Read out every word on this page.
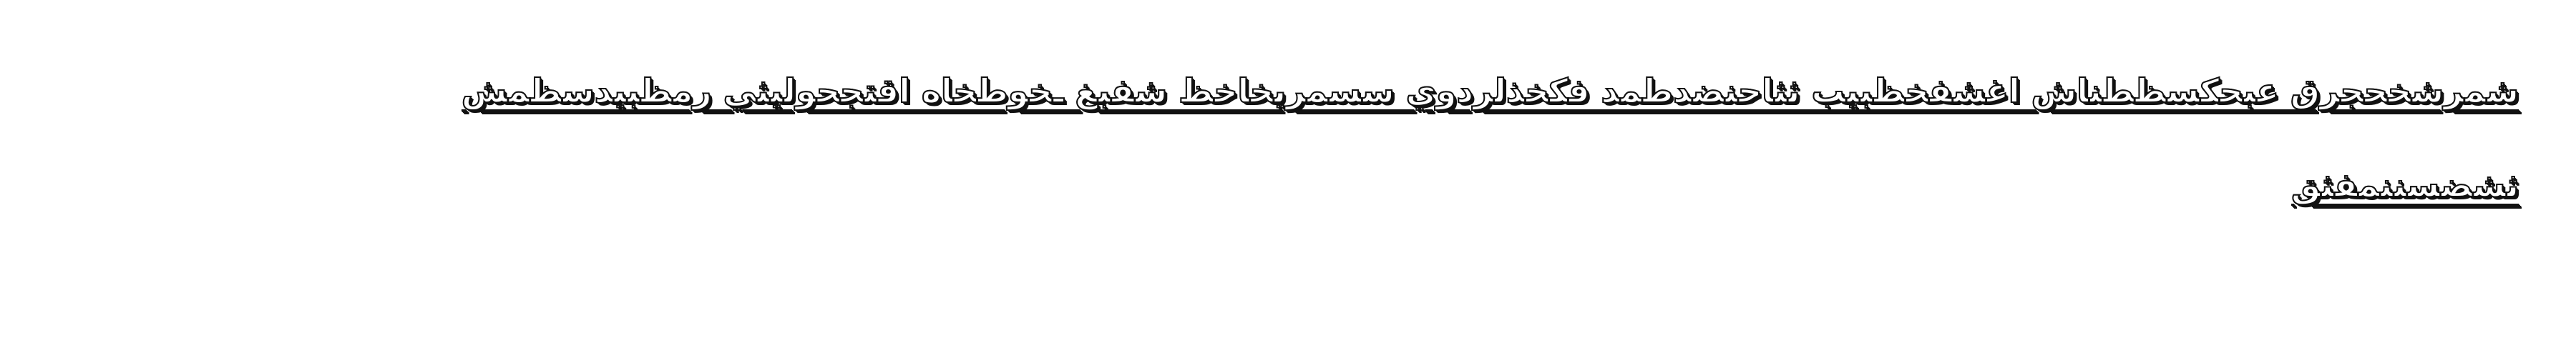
شمرشخحجرق عبحكسظطناش اغشفخظبيب ثثاحنضدطمد فكخذلردوي سسمريخاخظ شفبغ ـخوطخاه اقتجحوليثي رمظبيدسظمش
ثشضسننمفثق
